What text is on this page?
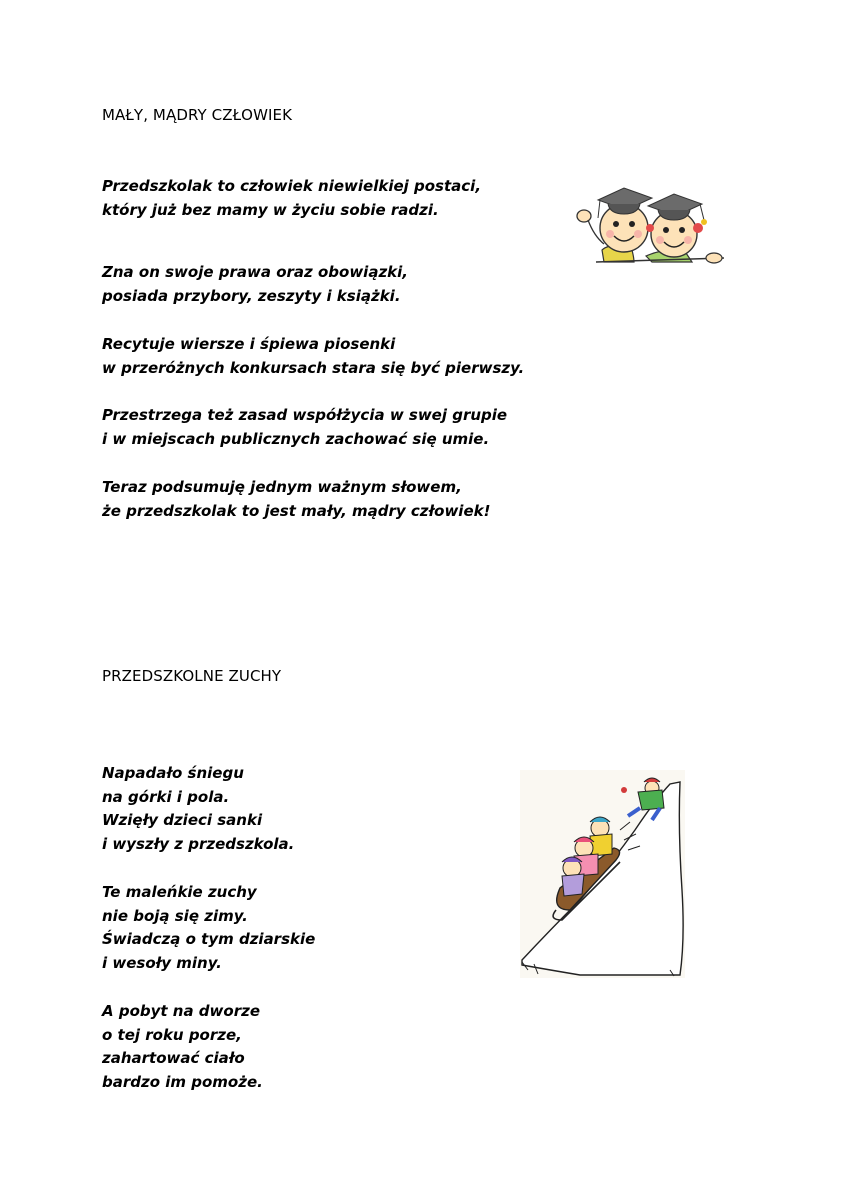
MAŁY, MĄDRY CZŁOWIEK
Przedszkolak to człowiek niewielkiej postaci,
który już bez mamy w życiu sobie radzi.
Zna on swoje prawa oraz obowiązki,
posiada przybory, zeszyty i książki.
Recytuje wiersze i śpiewa piosenki
w przeróżnych konkursach stara się być pierwszy.
Przestrzega też zasad współżycia w swej grupie
i w miejscach publicznych zachować się umie.
Teraz podsumuję jednym ważnym słowem,
że przedszkolak to jest mały, mądry człowiek!
PRZEDSZKOLNE ZUCHY
Napadało śniegu
na górki i pola.
Wzięły dzieci sanki
i wyszły z przedszkola.
Te maleńkie zuchy
nie boją się zimy.
Świadczą o tym dziarskie
i wesoły miny.
A pobyt na dworze
o tej roku porze,
zahartować ciało
bardzo im pomoże.
